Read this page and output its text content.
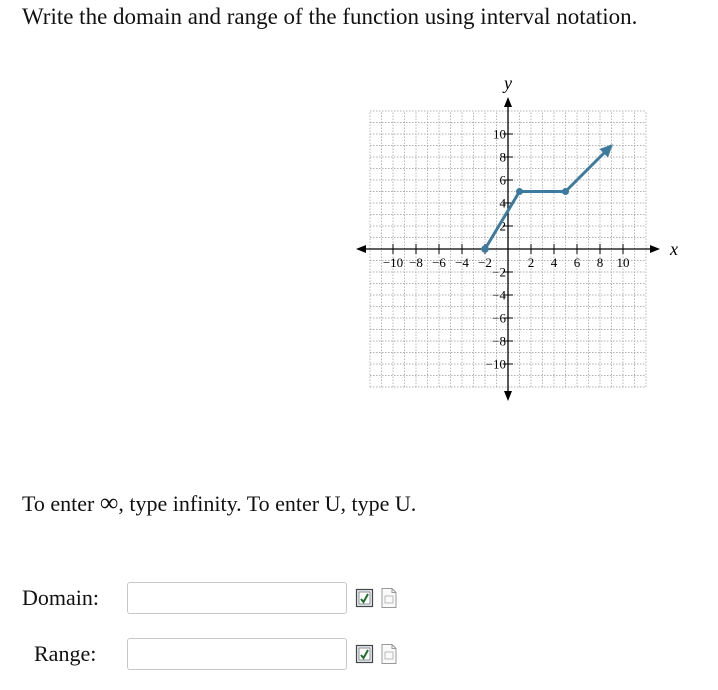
Write the domain and range of the function using interval notation.
x
y
−10 −8 −6 −4 −2	2 4 6 8 10
10
8
6
4
2
−2
−4
−6
−8
−10

To enter ∞, type infinity. To enter U, type U.

Domain:
Range:
